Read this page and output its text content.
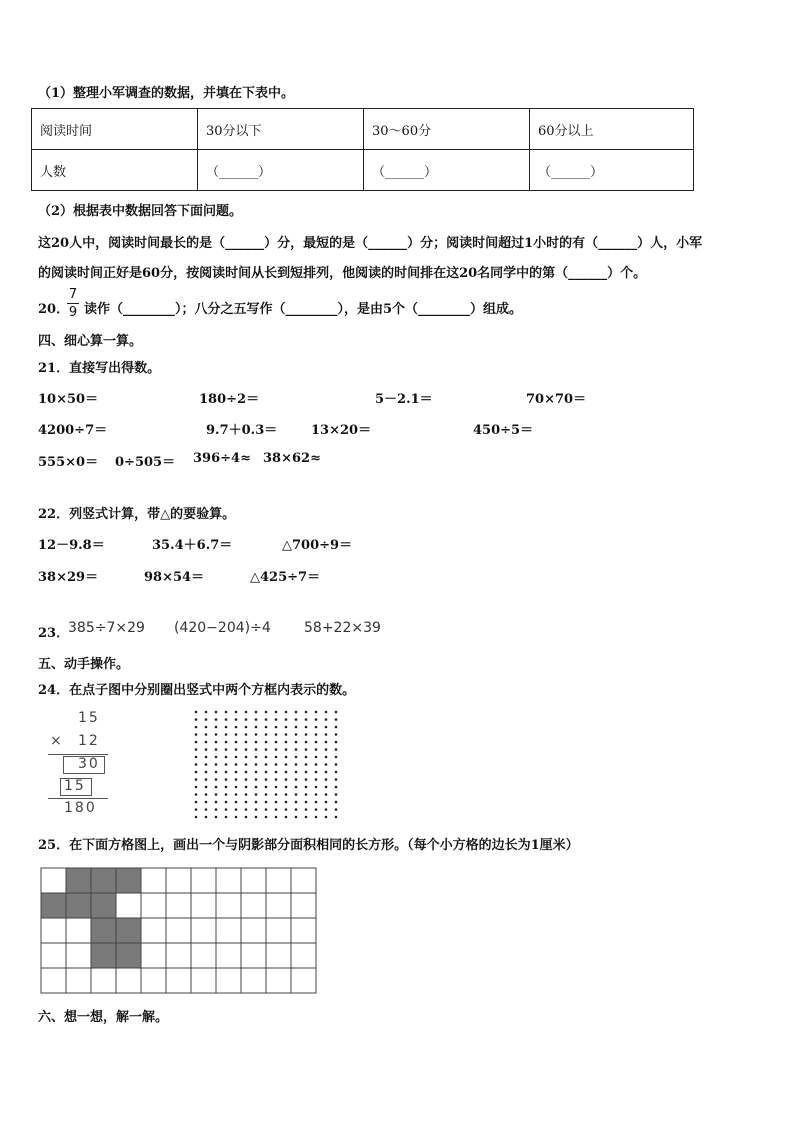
（1）整理小军调查的数据，并填在下表中。
阅读时间	30分以下	30～60分	60分以上
人数	（______）	（______）	（______）
（2）根据表中数据回答下面问题。
这20人中，阅读时间最长的是（______）分，最短的是（______）分；阅读时间超过1小时的有（______）人，小军
的阅读时间正好是60分，按阅读时间从长到短排列，他阅读的时间排在这20名同学中的第（______）个。
20．
7
9 读作（________）；八分之五写作（________），是由5个（________）组成。
四、细心算一算。
21．直接写出得数。
10×50＝	180÷2＝	5－2.1＝	70×70＝
4200÷7＝	9.7＋0.3＝	13×20＝	450÷5＝
555×0＝ 0÷505＝ 396÷4≈ 38×62≈
22．列竖式计算，带△的要验算。
12－9.8＝	35.4＋6.7＝	△700÷9＝
38×29＝	98×54＝	△425÷7＝
23．
385÷7×29 (420−204)÷4 58+22×39
五、动手操作。
24．在点子图中分别圈出竖式中两个方框内表示的数。
15
× 12
30
15
180
25．在下面方格图上，画出一个与阴影部分面积相同的长方形。（每个小方格的边长为1厘米）
六、想一想，解一解。
